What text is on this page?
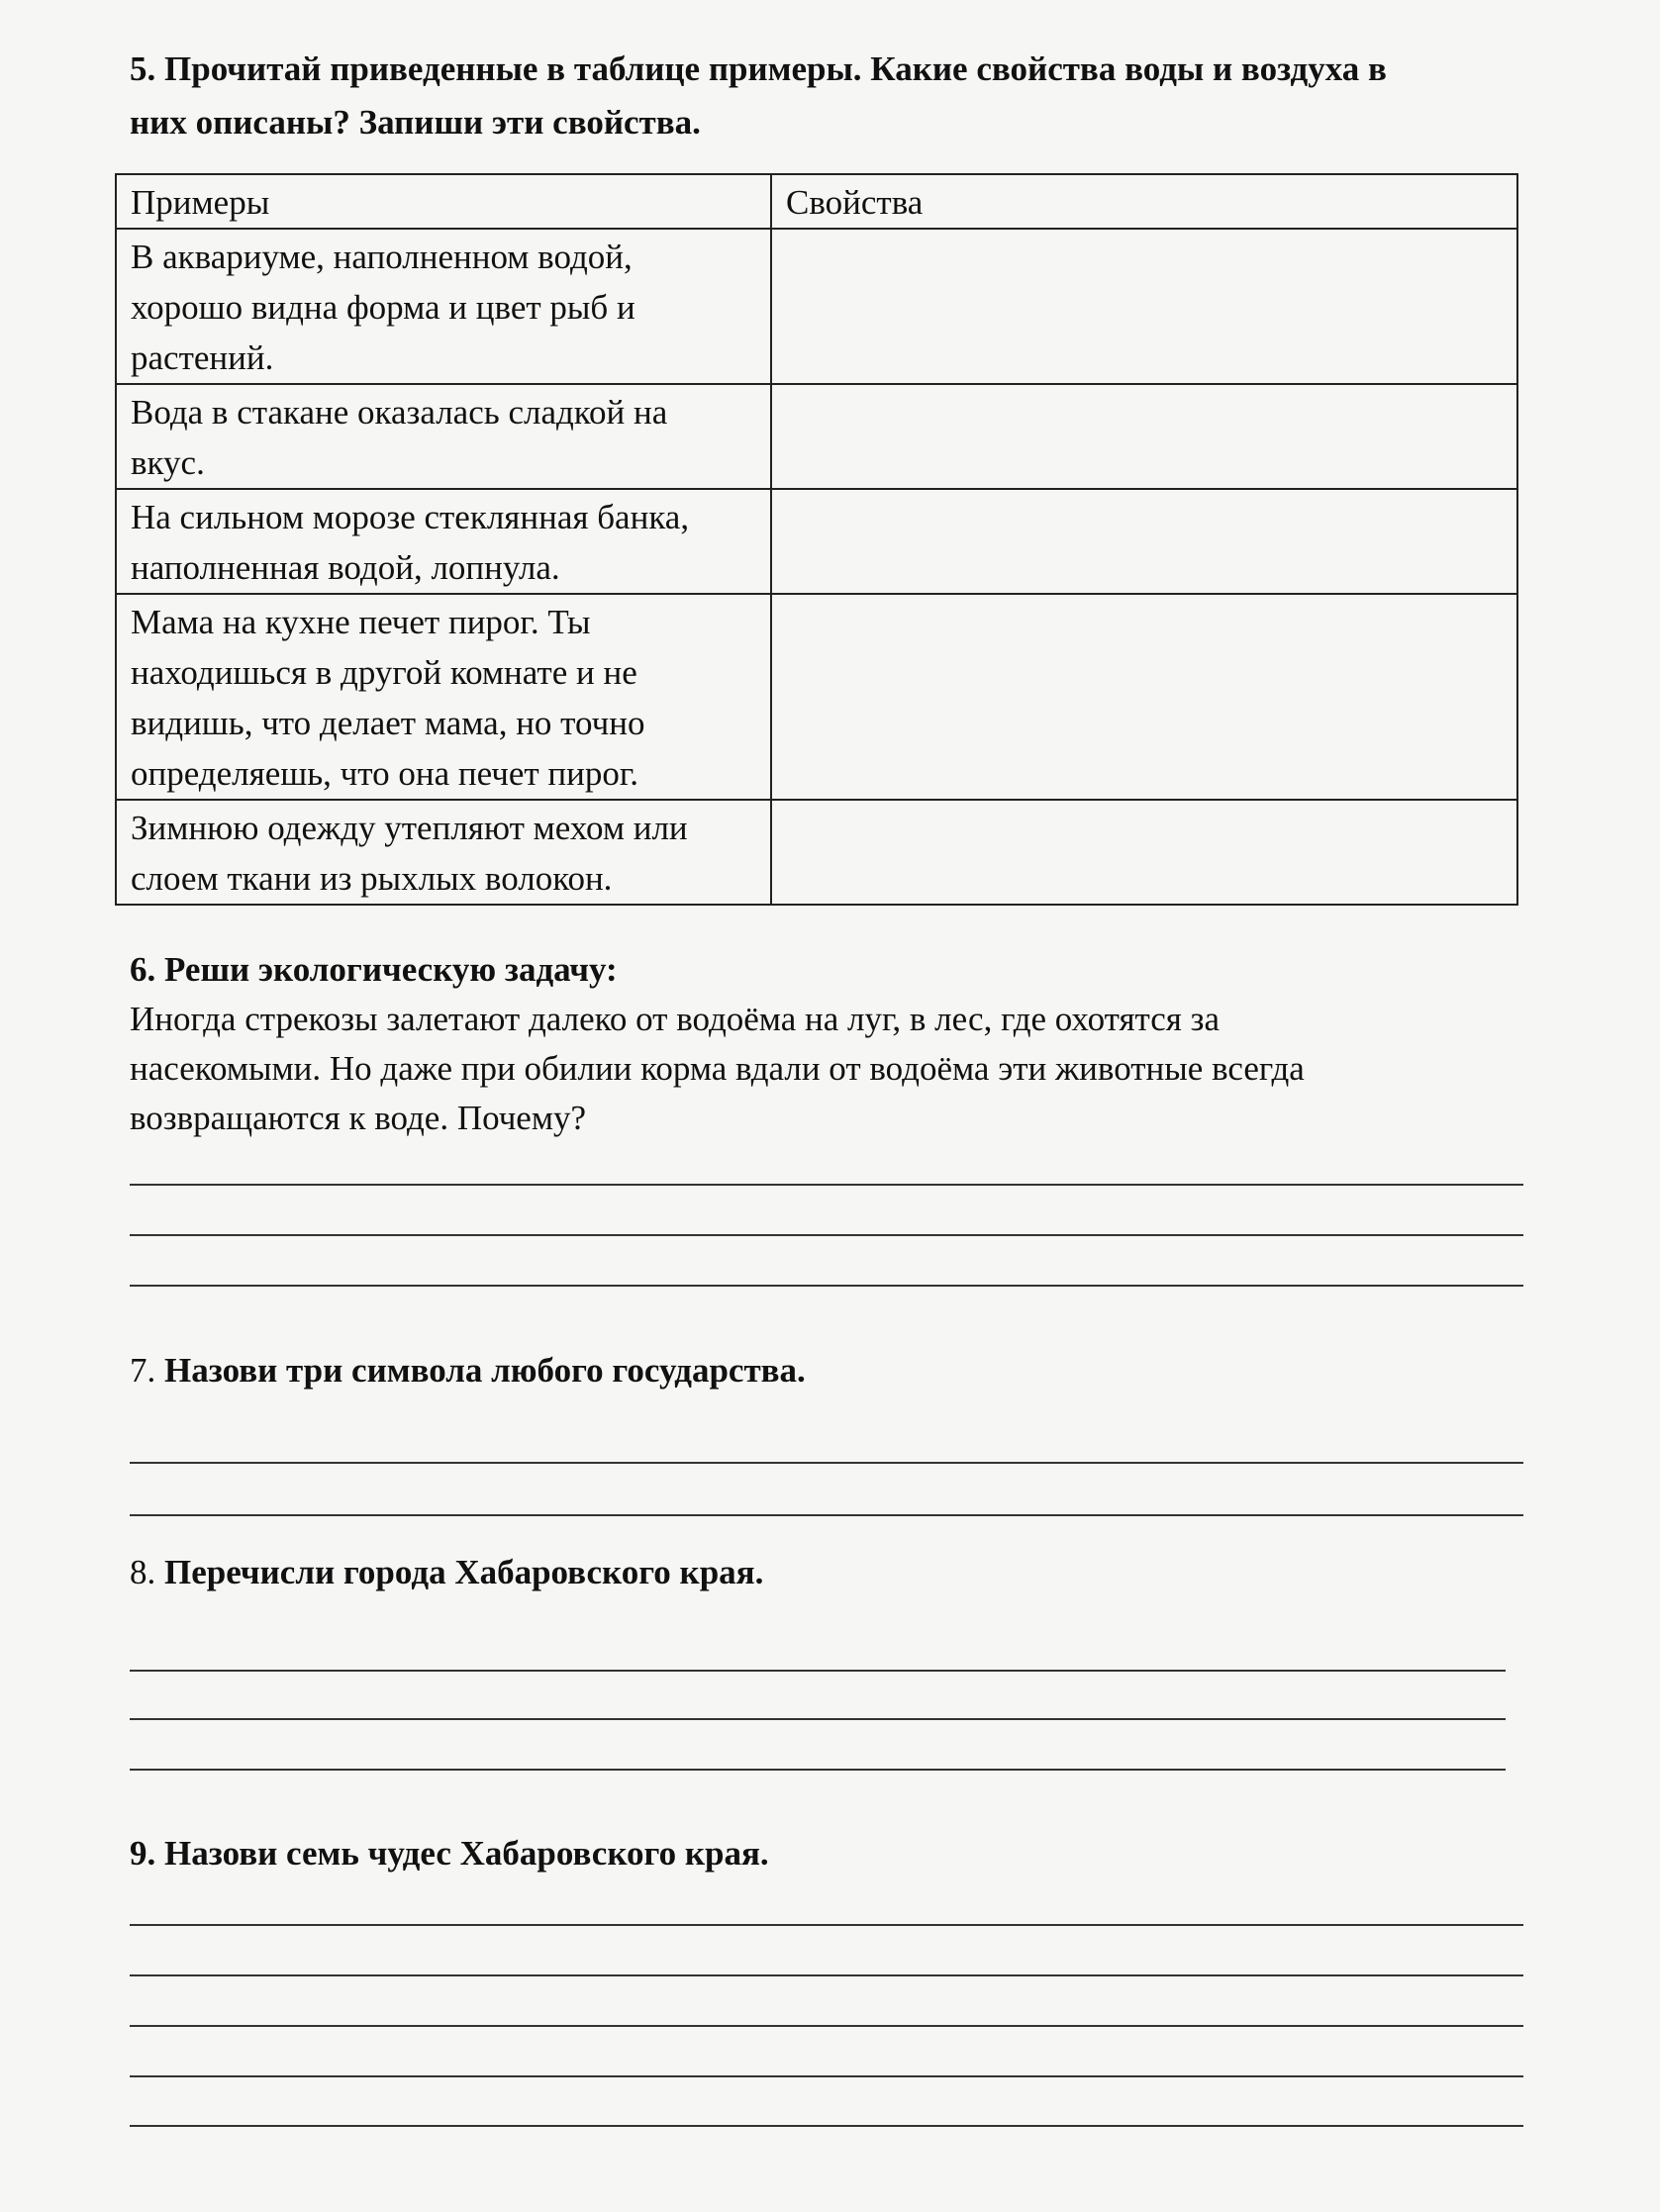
5. Прочитай приведенные в таблице примеры. Какие свойства воды и воздуха в

них описаны? Запиши эти свойства.

Примеры	Свойства

В аквариуме, наполненном водой,
хорошо видна форма и цвет рыб и
растений.	

Вода в стакане оказалась сладкой на
вкус.	

На сильном морозе стеклянная банка,
наполненная водой, лопнула.	

Мама на кухне печет пирог. Ты
находишься в другой комнате и не
видишь, что делает мама, но точно
определяешь, что она печет пирог.	

Зимнюю одежду утепляют мехом или
слоем ткани из рыхлых волокон.	

6. Реши экологическую задачу:

Иногда стрекозы залетают далеко от водоёма на луг, в лес, где охотятся за

насекомыми. Но даже при обилии корма вдали от водоёма эти животные всегда

возвращаются к воде. Почему?

7. Назови три символа любого государства.

8. Перечисли города Хабаровского края.

9. Назови семь чудес Хабаровского края.
